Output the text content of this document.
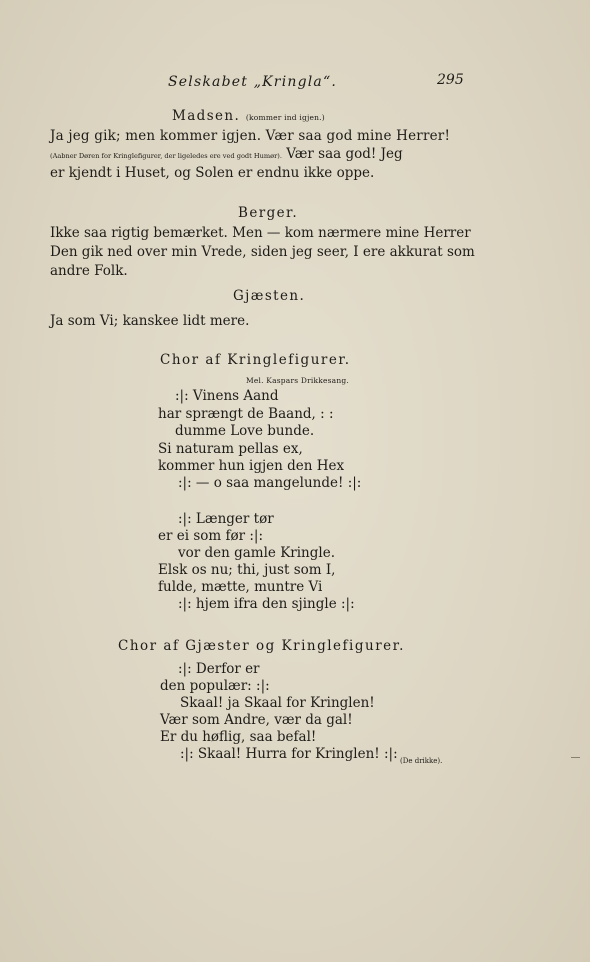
Selskabet „Kringla“.	295
Madsen. (kommer ind igjen.)
Ja jeg gik; men kommer igjen. Vær saa god mine Herrer!
(Aabner Døren for Kringlefigurer, der ligeledes ere ved godt Humør). Vær saa god! Jeg
er kjendt i Huset, og Solen er endnu ikke oppe.
Berger.
Ikke saa rigtig bemærket. Men — kom nærmere mine Herrer
Den gik ned over min Vrede, siden jeg seer, I ere akkurat som
andre Folk.
Gjæsten.
Ja som Vi; kanskee lidt mere.
Chor af Kringlefigurer.
Mel. Kaspars Drikkesang.
:|: Vinens Aand
har sprængt de Baand, : :
dumme Love bunde.
Si naturam pellas ex,
kommer hun igjen den Hex
:|: — o saa mangelunde! :|:
:|: Længer tør
er ei som før :|:
vor den gamle Kringle.
Elsk os nu; thi, just som I,
fulde, mætte, muntre Vi
:|: hjem ifra den sjingle :|:
Chor af Gjæster og Kringlefigurer.
:|: Derfor er
den populær: :|:
Skaal! ja Skaal for Kringlen!
Vær som Andre, vær da gal!
Er du høflig, saa befal!
:|: Skaal! Hurra for Kringlen! :|: (De drikke).
